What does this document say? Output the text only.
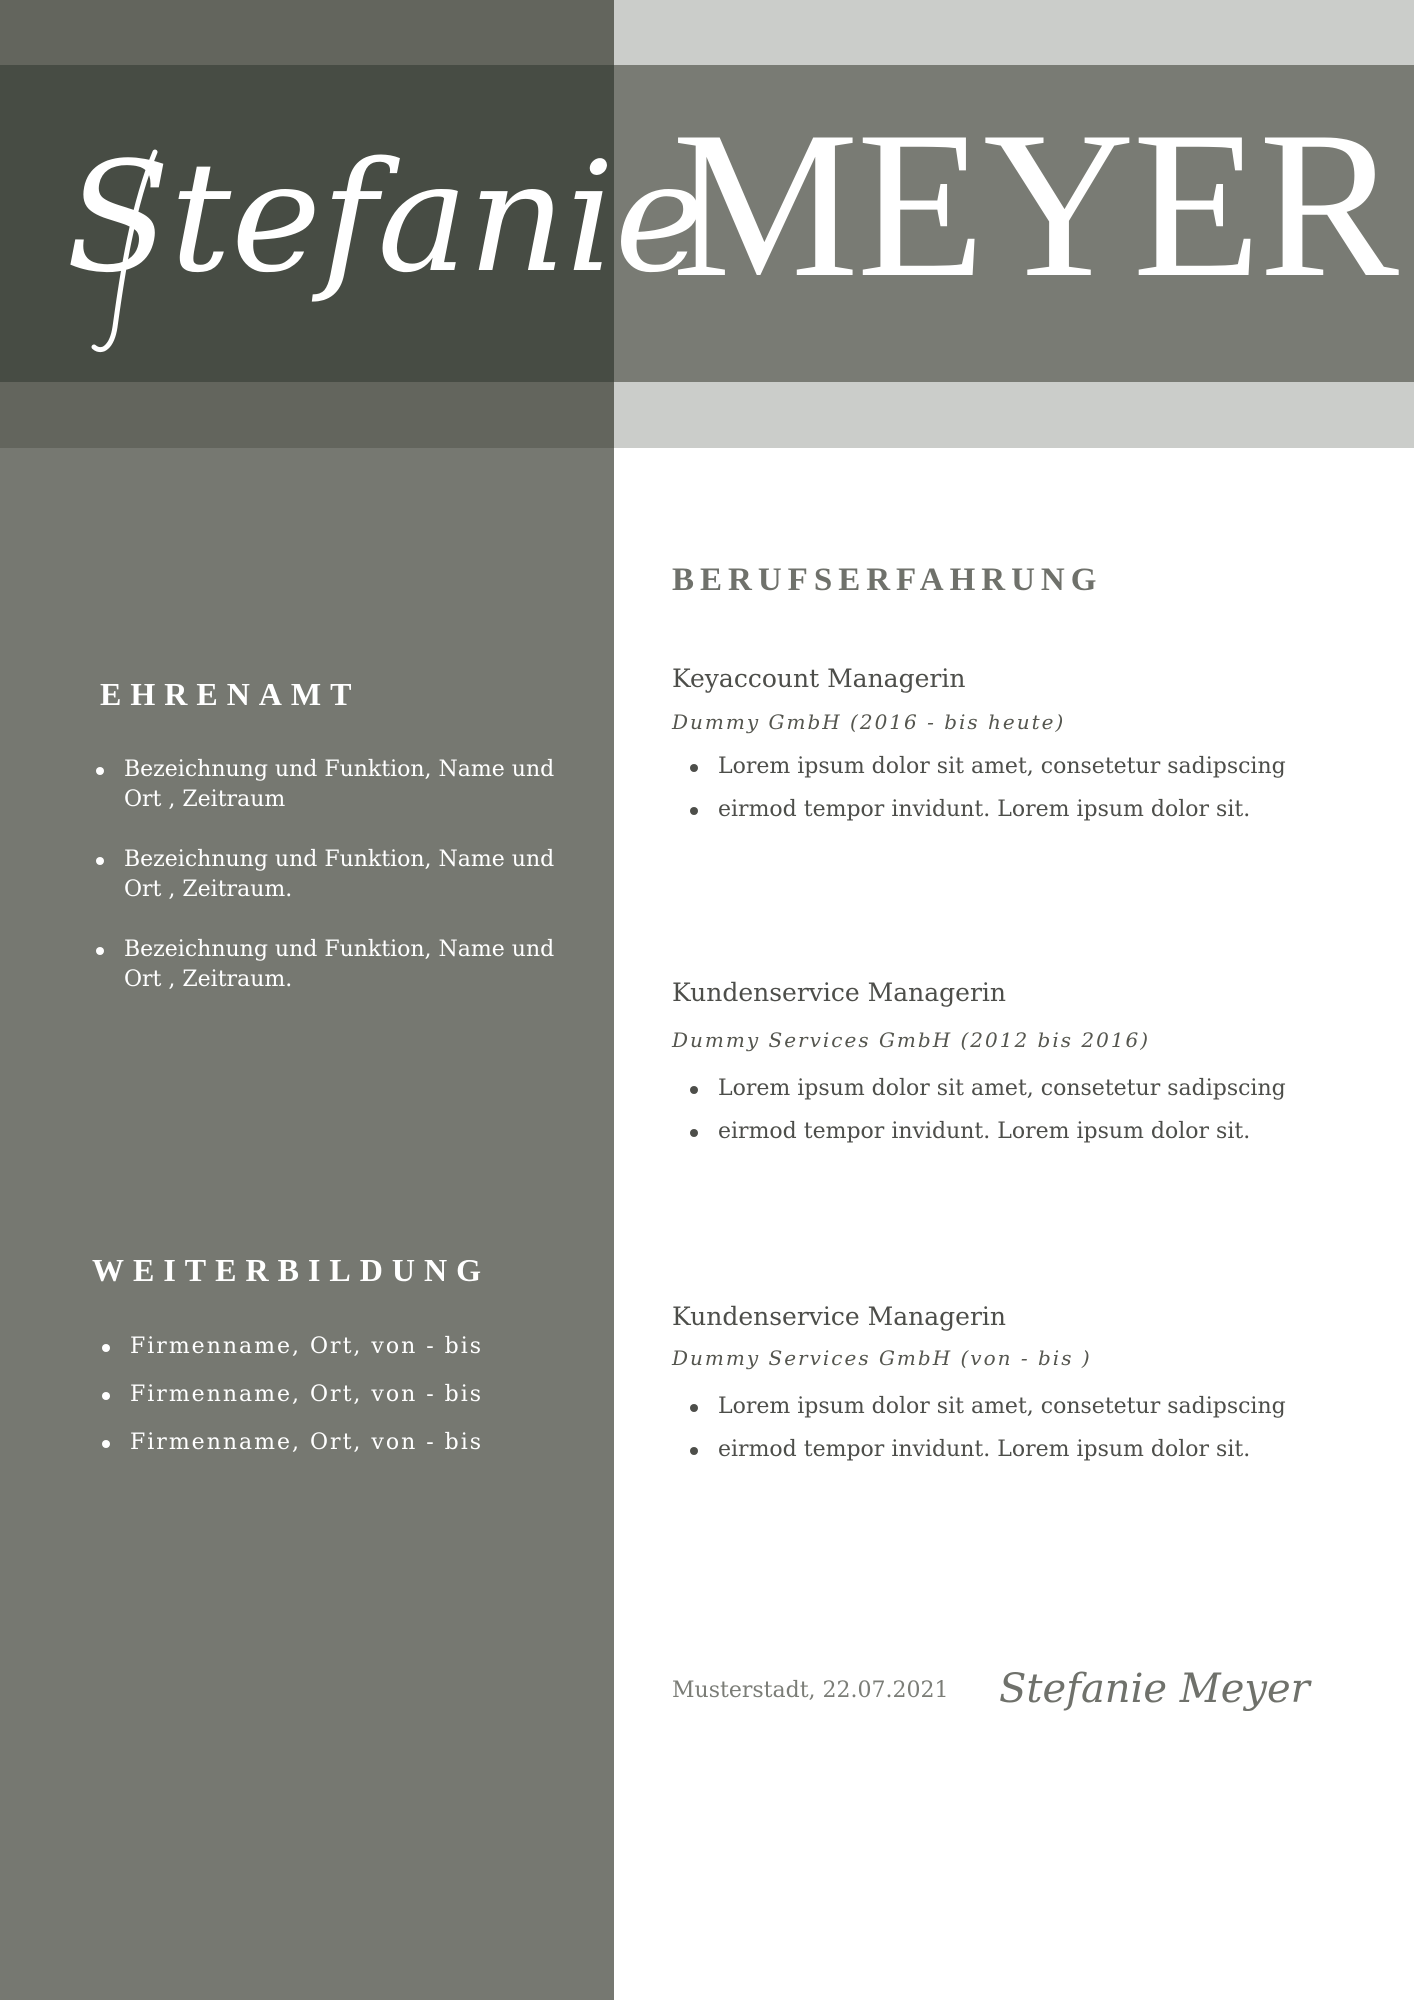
Stefanie
MEYER
EHRENAMT
Bezeichnung und Funktion, Name und Ort , Zeitraum
Bezeichnung und Funktion, Name und Ort , Zeitraum.
Bezeichnung und Funktion, Name und Ort , Zeitraum.
WEITERBILDUNG
Firmenname, Ort, von - bis
Firmenname, Ort, von - bis
Firmenname, Ort, von - bis
BERUFSERFAHRUNG
Keyaccount Managerin
Dummy GmbH (2016 - bis heute)
Lorem ipsum dolor sit amet, consetetur sadipscing
eirmod tempor invidunt. Lorem ipsum dolor sit.
Kundenservice Managerin
Dummy Services GmbH (2012 bis 2016)
Lorem ipsum dolor sit amet, consetetur sadipscing
eirmod tempor invidunt. Lorem ipsum dolor sit.
Kundenservice Managerin
Dummy Services GmbH (von - bis )
Lorem ipsum dolor sit amet, consetetur sadipscing
eirmod tempor invidunt. Lorem ipsum dolor sit.
Musterstadt, 22.07.2021 Stefanie Meyer
